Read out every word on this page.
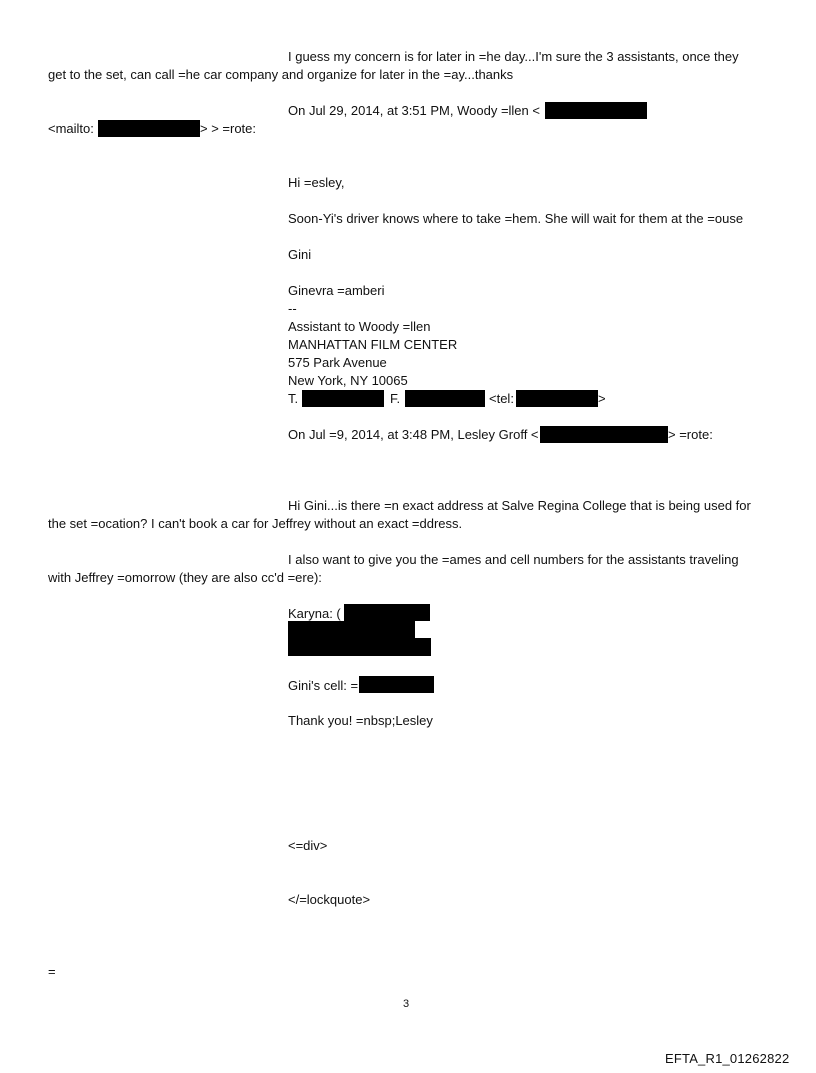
I guess my concern is for later in =he day...I'm sure the 3 assistants, once they
get to the set, can call =he car company and organize for later in the =ay...thanks
On Jul 29, 2014, at 3:51 PM, Woody =llen <
<mailto:	> > =rote:
Hi =esley,
Soon-Yi's driver knows where to take =hem. She will wait for them at the =ouse
Gini
Ginevra =amberi
--
Assistant to Woody =llen
MANHATTAN FILM CENTER
575 Park Avenue
New York, NY 10065
T.	F.	<tel:	>
On Jul =9, 2014, at 3:48 PM, Lesley Groff <	> =rote:
Hi Gini...is there =n exact address at Salve Regina College that is being used for
the set =ocation? I can't book a car for Jeffrey without an exact =ddress.
I also want to give you the =ames and cell numbers for the assistants traveling
with Jeffrey =omorrow (they are also cc'd =ere):
Karyna: (
Gini's cell: =
Thank you! =nbsp;Lesley
<=div>
</=lockquote>
=
3
EFTA_R1_01262822
